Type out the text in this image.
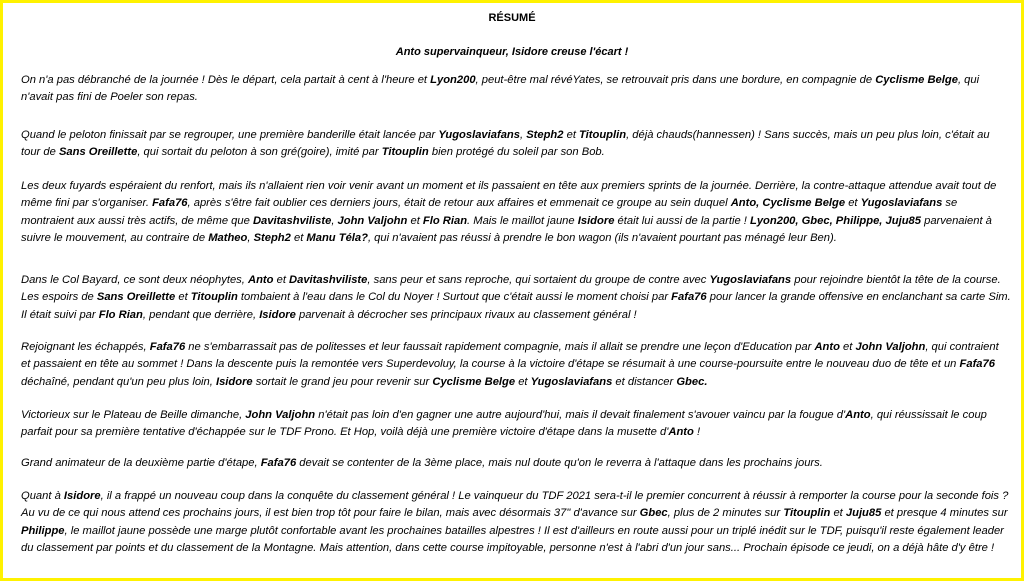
RÉSUMÉ
Anto supervainqueur, Isidore creuse l'écart !
On n'a pas débranché de la journée ! Dès le départ, cela partait à cent à l'heure et Lyon200, peut-être mal révéYates, se retrouvait pris dans une bordure, en compagnie de Cyclisme Belge, qui n'avait pas fini de Poeler son repas.
Quand le peloton finissait par se regrouper, une première banderille était lancée par Yugoslaviafans, Steph2 et Titouplin, déjà chauds(hannessen) ! Sans succès, mais un peu plus loin, c'était au tour de Sans Oreillette, qui sortait du peloton à son gré(goire), imité par Titouplin bien protégé du soleil par son Bob.
Les deux fuyards espéraient du renfort, mais ils n'allaient rien voir venir avant un moment et ils passaient en tête aux premiers sprints de la journée. Derrière, la contre-attaque attendue avait tout de même fini par s'organiser. Fafa76, après s'être fait oublier ces derniers jours, était de retour aux affaires et emmenait ce groupe au sein duquel Anto, Cyclisme Belge et Yugoslaviafans se montraient aux aussi très actifs, de même que Davitashviliste, John Valjohn et Flo Rian. Mais le maillot jaune Isidore était lui aussi de la partie ! Lyon200, Gbec, Philippe, Juju85 parvenaient à suivre le mouvement, au contraire de Matheo, Steph2 et Manu Téla?, qui n'avaient pas réussi à prendre le bon wagon (ils n'avaient pourtant pas ménagé leur Ben).
Dans le Col Bayard, ce sont deux néophytes, Anto et Davitashviliste, sans peur et sans reproche, qui sortaient du groupe de contre avec Yugoslaviafans pour rejoindre bientôt la tête de la course. Les espoirs de Sans Oreillette et Titouplin tombaient à l'eau dans le Col du Noyer ! Surtout que c'était aussi le moment choisi par Fafa76 pour lancer la grande offensive en enclanchant sa carte Sim. Il était suivi par Flo Rian, pendant que derrière, Isidore parvenait à décrocher ses principaux rivaux au classement général !
Rejoignant les échappés, Fafa76 ne s'embarrassait pas de politesses et leur faussait rapidement compagnie, mais il allait se prendre une leçon d'Education par Anto et John Valjohn, qui contraient et passaient en tête au sommet ! Dans la descente puis la remontée vers Superdevoluy, la course à la victoire d'étape se résumait à une course-poursuite entre le nouveau duo de tête et un Fafa76 déchaîné, pendant qu'un peu plus loin, Isidore sortait le grand jeu pour revenir sur Cyclisme Belge et Yugoslaviafans et distancer Gbec.
Victorieux sur le Plateau de Beille dimanche, John Valjohn n'était pas loin d'en gagner une autre aujourd'hui, mais il devait finalement s'avouer vaincu par la fougue d'Anto, qui réussissait le coup parfait pour sa première tentative d'échappée sur le TDF Prono. Et Hop, voilà déjà une première victoire d'étape dans la musette d'Anto !
Grand animateur de la deuxième partie d'étape, Fafa76 devait se contenter de la 3ème place, mais nul doute qu'on le reverra à l'attaque dans les prochains jours.
Quant à Isidore, il a frappé un nouveau coup dans la conquête du classement général ! Le vainqueur du TDF 2021 sera-t-il le premier concurrent à réussir à remporter la course pour la seconde fois ? Au vu de ce qui nous attend ces prochains jours, il est bien trop tôt pour faire le bilan, mais avec désormais 37" d'avance sur Gbec, plus de 2 minutes sur Titouplin et Juju85 et presque 4 minutes sur Philippe, le maillot jaune possède une marge plutôt confortable avant les prochaines batailles alpestres ! Il est d'ailleurs en route aussi pour un triplé inédit sur le TDF, puisqu'il reste également leader du classement par points et du classement de la Montagne. Mais attention, dans cette course impitoyable, personne n'est à l'abri d'un jour sans... Prochain épisode ce jeudi, on a déjà hâte d'y être !
